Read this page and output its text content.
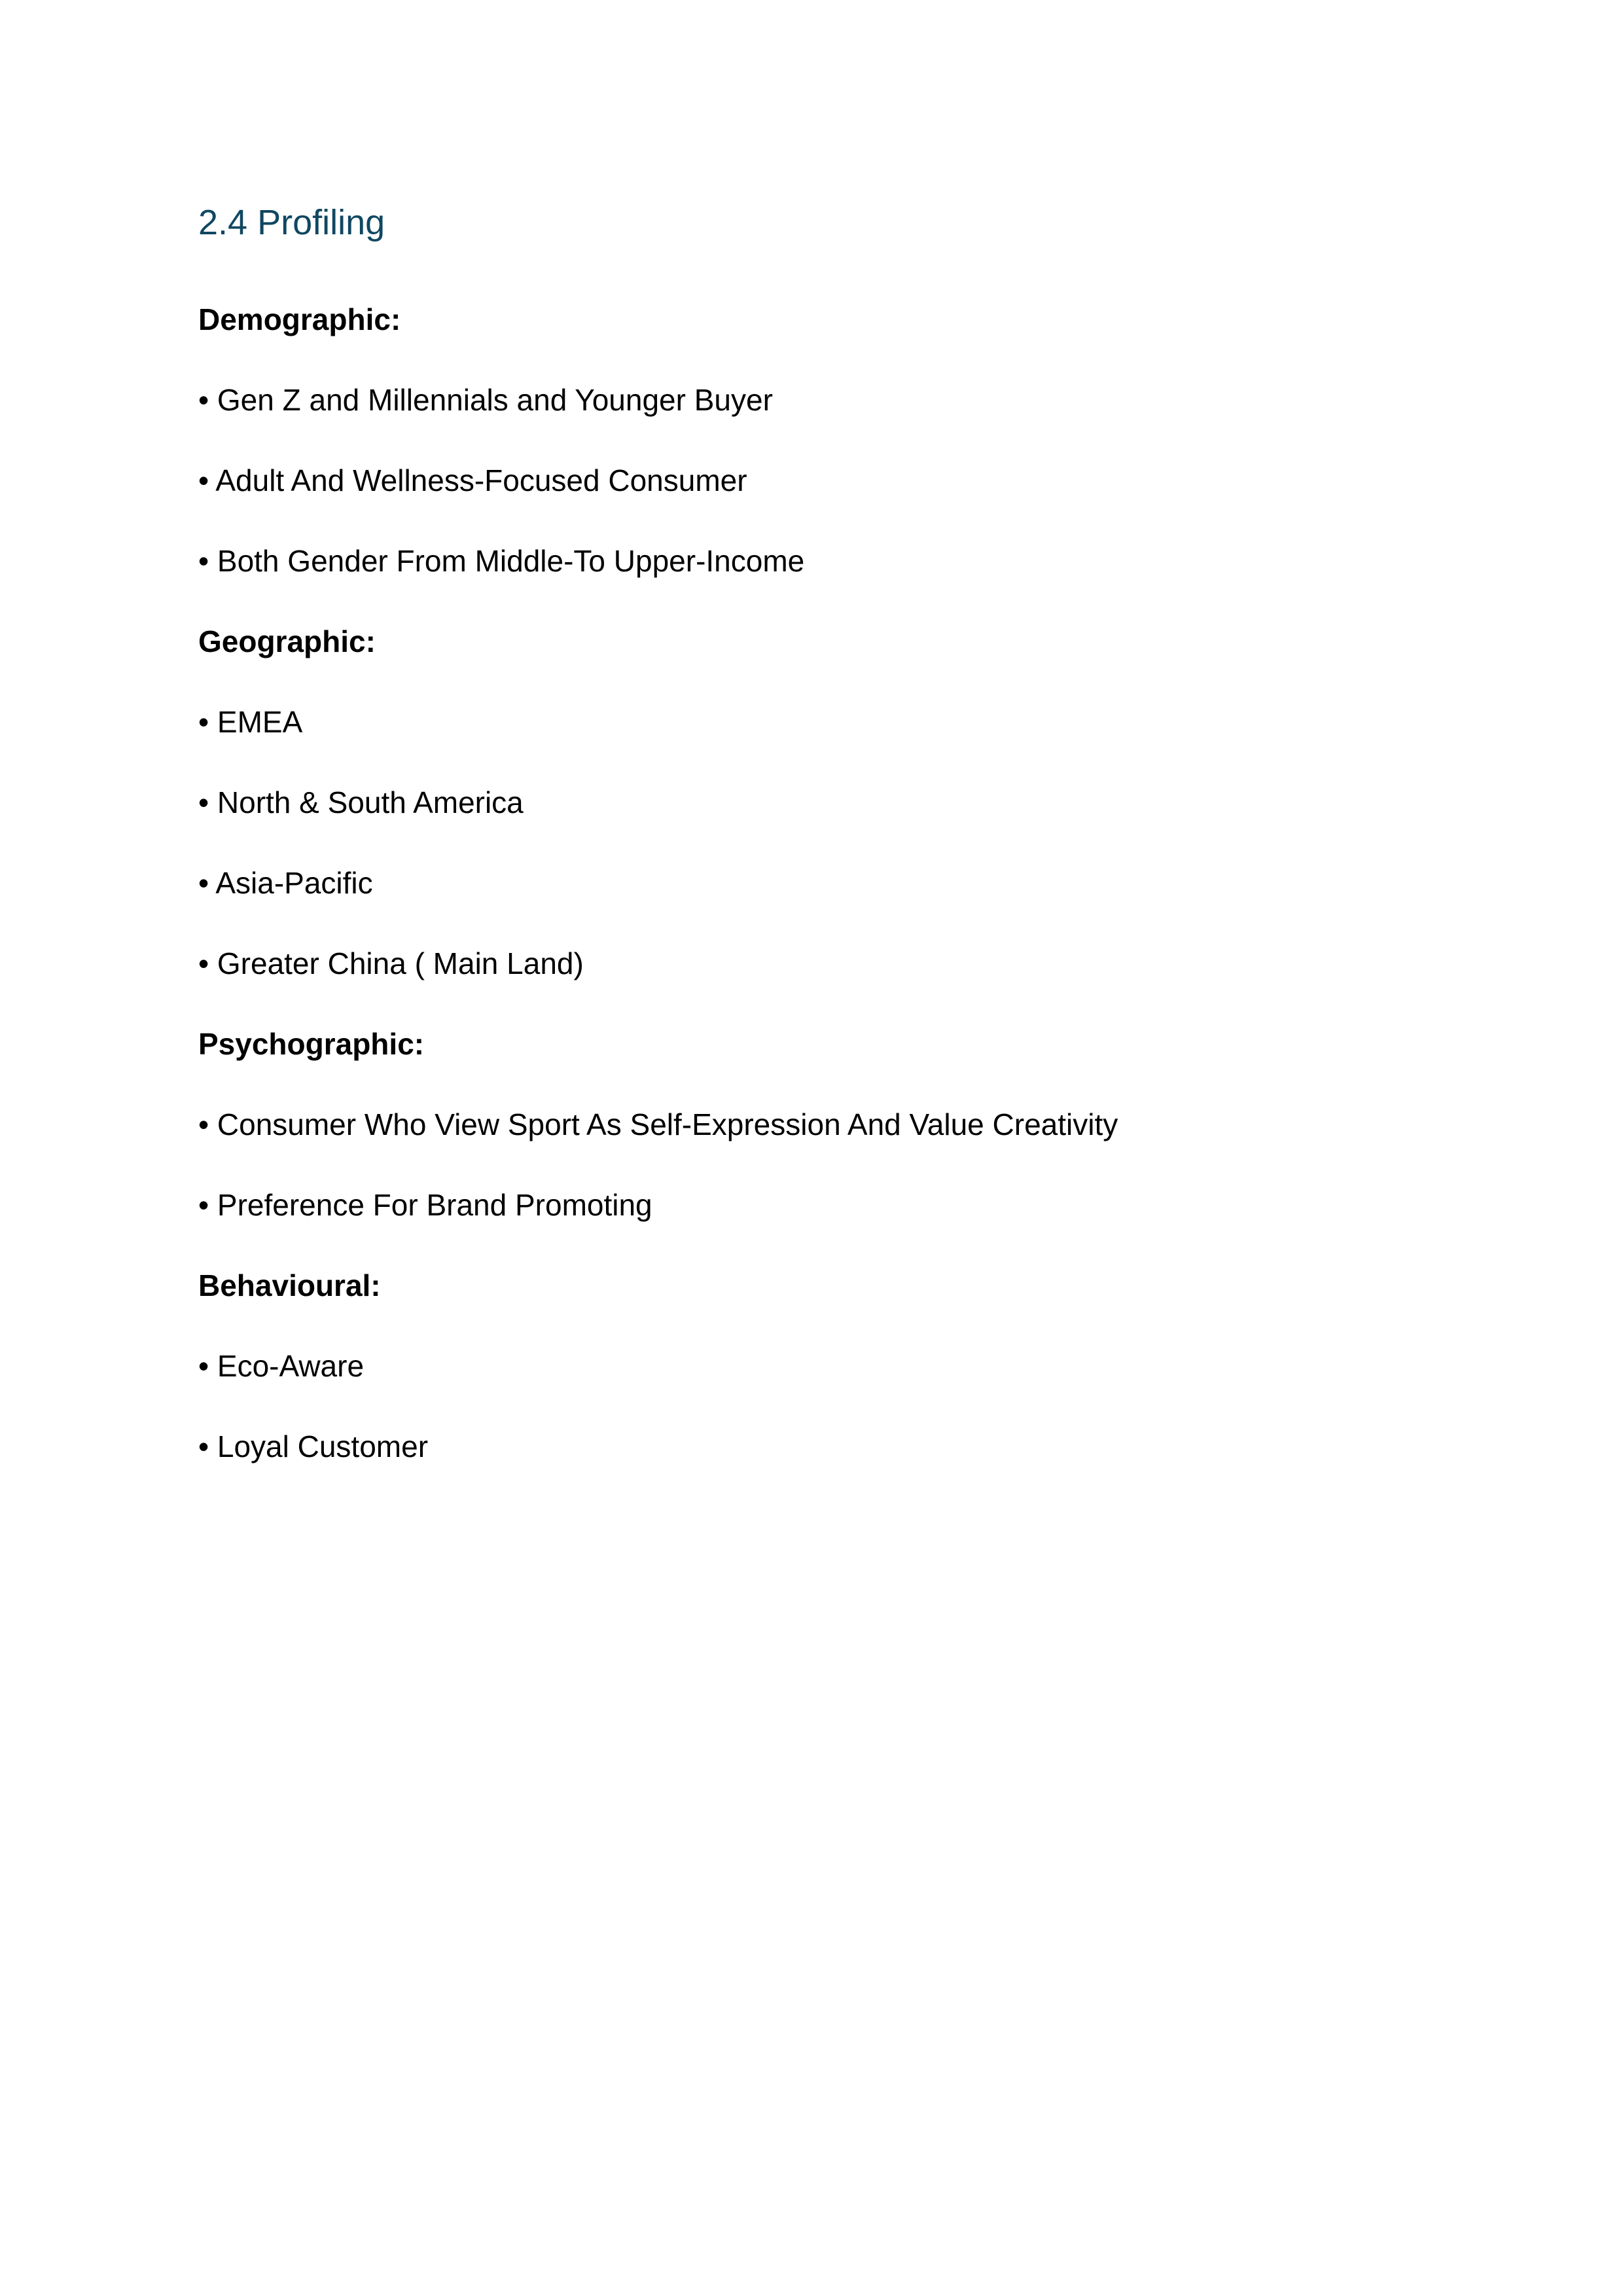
2.4 Profiling

Demographic:

• Gen Z and Millennials and Younger Buyer

• Adult And Wellness-Focused Consumer

• Both Gender From Middle-To Upper-Income

Geographic:

• EMEA

• North & South America

• Asia-Pacific

• Greater China ( Main Land)

Psychographic:

• Consumer Who View Sport As Self-Expression And Value Creativity

• Preference For Brand Promoting

Behavioural:

• Eco-Aware

• Loyal Customer
